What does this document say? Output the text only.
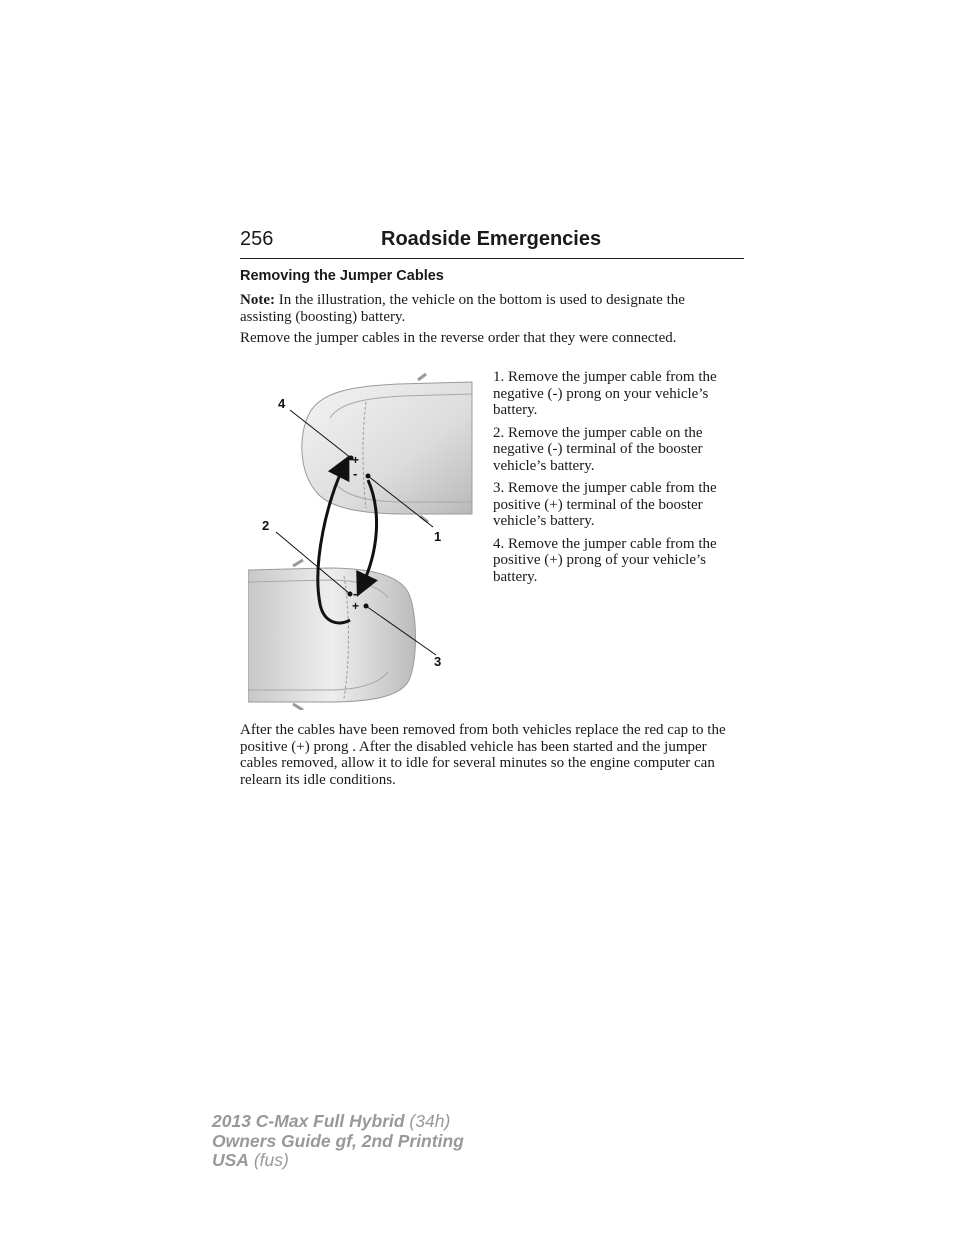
256	Roadside Emergencies
Removing the Jumper Cables

Note: In the illustration, the vehicle on the bottom is used to designate the assisting (boosting) battery.

Remove the jumper cables in the reverse order that they were connected.

+
-
-
+
4
2
1
3

1. Remove the jumper cable from the negative (-) prong on your vehicle’s battery.

2. Remove the jumper cable on the negative (-) terminal of the booster vehicle’s battery.

3. Remove the jumper cable from the positive (+) terminal of the booster vehicle’s battery.

4. Remove the jumper cable from the positive (+) prong of your vehicle’s battery.

After the cables have been removed from both vehicles replace the red cap to the positive (+) prong . After the disabled vehicle has been started and the jumper cables removed, allow it to idle for several minutes so the engine computer can relearn its idle conditions.

2013 C-Max Full Hybrid (34h)
Owners Guide gf, 2nd Printing
USA (fus)
